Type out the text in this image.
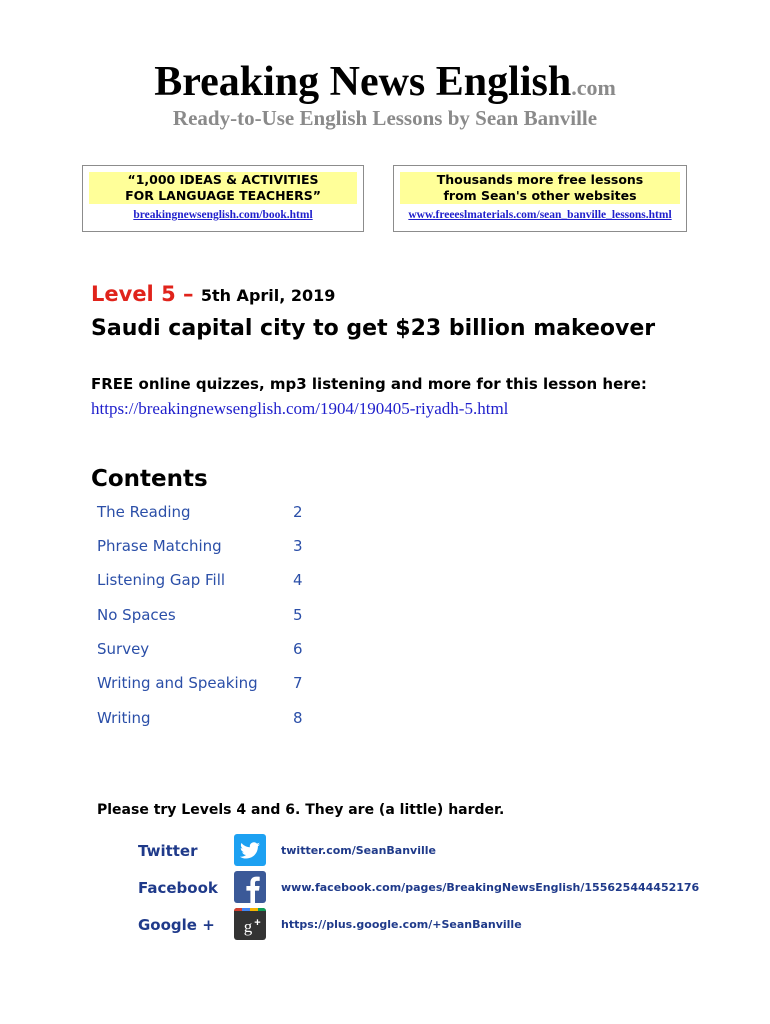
Breaking News English.com
Ready-to-Use English Lessons by Sean Banville
“1,000 IDEAS & ACTIVITIES
FOR LANGUAGE TEACHERS”
breakingnewsenglish.com/book.html
Thousands more free lessons
from Sean's other websites
www.freeeslmaterials.com/sean_banville_lessons.html
Level 5 – 5th April, 2019
Saudi capital city to get $23 billion makeover
FREE online quizzes, mp3 listening and more for this lesson here:
https://breakingnewsenglish.com/1904/190405-riyadh-5.html
Contents
The Reading	2
Phrase Matching	3
Listening Gap Fill	4
No Spaces	5
Survey	6
Writing and Speaking 7
Writing	8
Please try Levels 4 and 6. They are (a little) harder.
Twitter	twitter.com/SeanBanville
Facebook	www.facebook.com/pages/BreakingNewsEnglish/155625444452176
Google + g + https://plus.google.com/+SeanBanville
